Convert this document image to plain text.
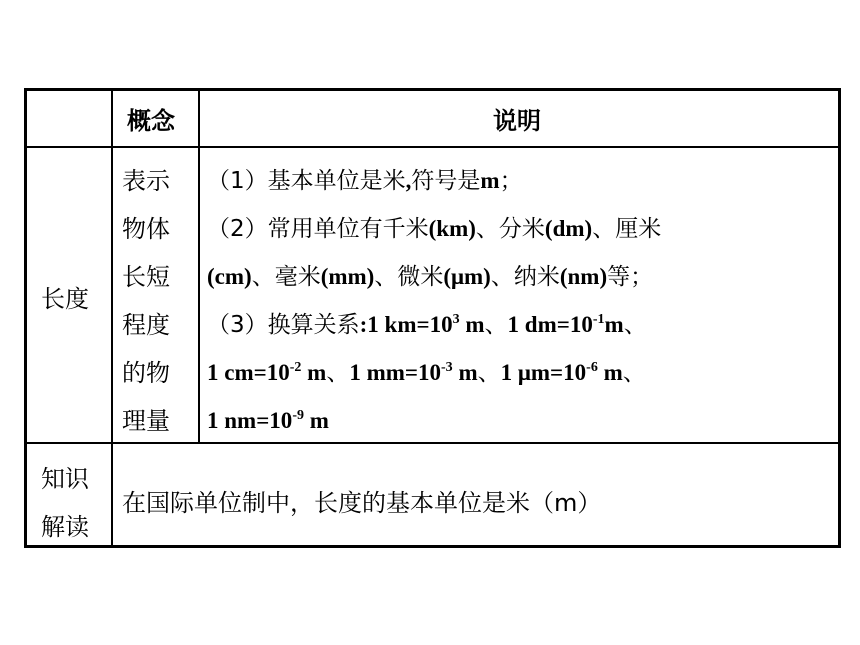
概念	说明
长度
表示
物体
长短
程度
的物
理量
（1）基本单位是米,符号是m；
（2）常用单位有千米(km)、分米(dm)、厘米
(cm)、毫米(mm)、微米(μm)、纳米(nm)等；
（3）换算关系:1 $km=10^3$ m、1 $dm=10^{-1}m$、
1 $cm=10^{-2}$ m、1 $mm=10^{-3}$ m、1 $\mu m=10^{-6}$ m、
1 $nm=10^{-9}$ m
知识
解读
在国际单位制中，长度的基本单位是米（m）
